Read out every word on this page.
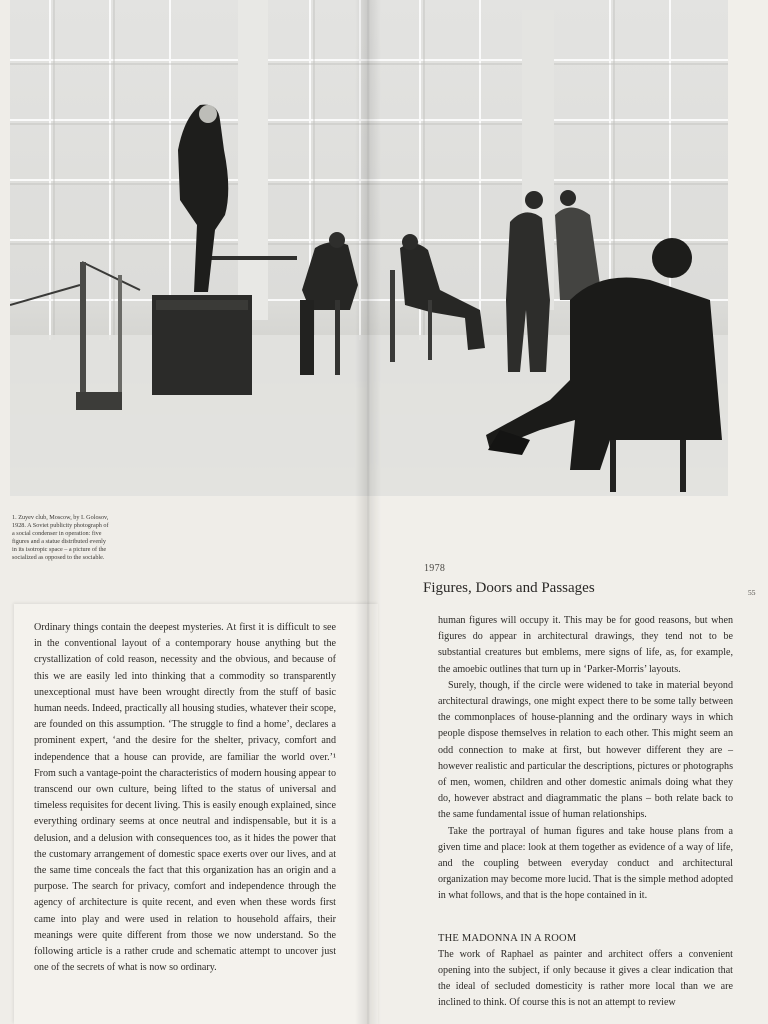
1. Zuyev club, Moscow, by I. Golosov, 1928. A Soviet publicity photograph of a social condenser in operation: five figures and a statue distributed evenly in its isotropic space – a picture of the socialized as opposed to the sociable.
1978
Figures, Doors and Passages	55

Ordinary things contain the deepest mysteries. At first it is difficult to see in the conventional layout of a contemporary house anything but the crystallization of cold reason, necessity and the obvious, and because of this we are easily led into thinking that a commodity so transparently unexceptional must have been wrought directly from the stuff of basic human needs. Indeed, practically all housing studies, whatever their scope, are founded on this assumption. ‘The struggle to find a home’, declares a prominent expert, ‘and the desire for the shelter, privacy, comfort and independence that a house can provide, are familiar the world over.’¹ From such a vantage-point the characteristics of modern housing appear to transcend our own culture, being lifted to the status of universal and timeless requisites for decent living. This is easily enough explained, since everything ordinary seems at once neutral and indispensable, but it is a delusion, and a delusion with consequences too, as it hides the power that the customary arrangement of domestic space exerts over our lives, and at the same time conceals the fact that this organization has an origin and a purpose. The search for privacy, comfort and independence through the agency of architecture is quite recent, and even when these words first came into play and were used in relation to household affairs, their meanings were quite different from those we now understand. So the following article is a rather crude and schematic attempt to uncover just one of the secrets of what is now so ordinary.

human figures will occupy it. This may be for good reasons, but when figures do appear in architectural drawings, they tend not to be substantial creatures but emblems, mere signs of life, as, for example, the amoebic outlines that turn up in ‘Parker-Morris’ layouts.

Surely, though, if the circle were widened to take in material beyond architectural drawings, one might expect there to be some tally between the commonplaces of house-planning and the ordinary ways in which people dispose themselves in relation to each other. This might seem an odd connection to make at first, but however different they are – however realistic and particular the descriptions, pictures or photographs of men, women, children and other domestic animals doing what they do, however abstract and diagrammatic the plans – both relate back to the same fundamental issue of human relationships.

Take the portrayal of human figures and take house plans from a given time and place: look at them together as evidence of a way of life, and the coupling between everyday conduct and architectural organization may become more lucid. That is the simple method adopted in what follows, and that is the hope contained in it.

THE MADONNA IN A ROOM

The work of Raphael as painter and architect offers a convenient opening into the subject, if only because it gives a clear indication that the ideal of secluded domesticity is rather more local than we are inclined to think. Of course this is not an attempt to review
